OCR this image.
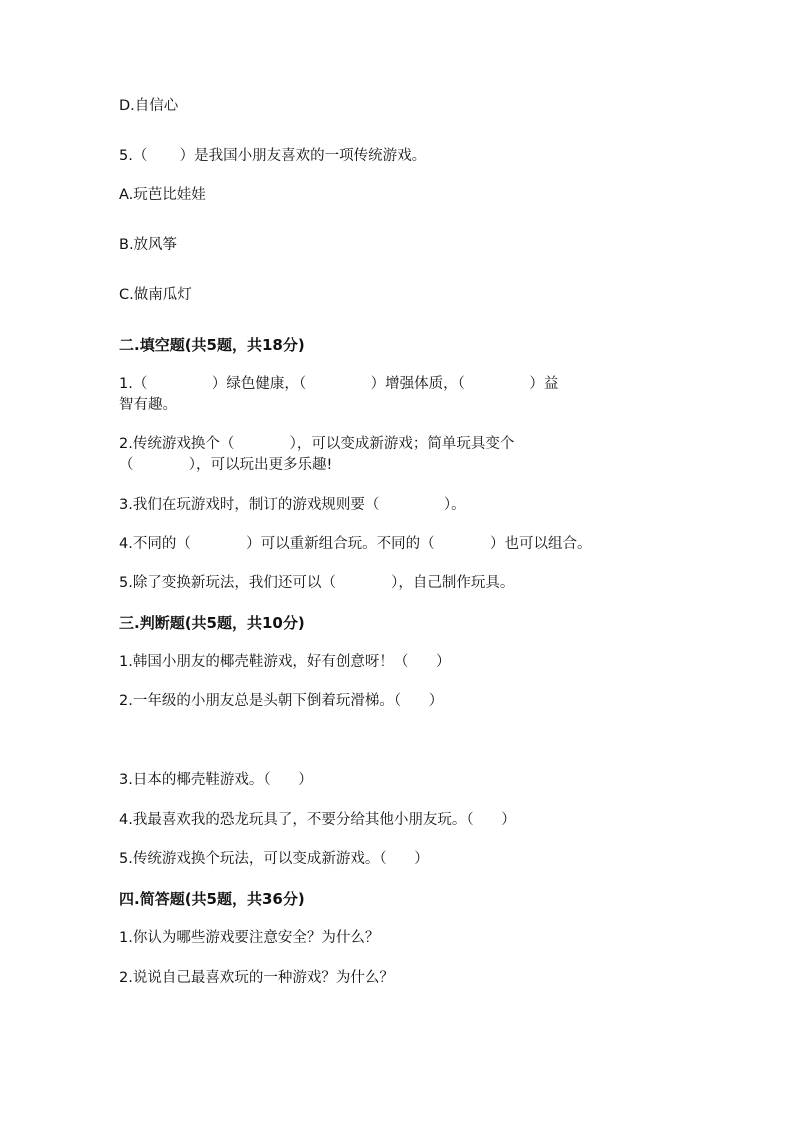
D.自信心

5.（       ）是我国小朋友喜欢的一项传统游戏。

A.玩芭比娃娃

B.放风筝

C.做南瓜灯

二.填空题(共5题，共18分)

1.（              ）绿色健康，（              ）增强体质，（              ）益

智有趣。

2.传统游戏换个（            ），可以变成新游戏；简单玩具变个

（            ），可以玩出更多乐趣!

3.我们在玩游戏时，制订的游戏规则要（              ）。

4.不同的（            ）可以重新组合玩。不同的（            ）也可以组合。

5.除了变换新玩法，我们还可以（            ），自己制作玩具。

三.判断题(共5题，共10分)

1.韩国小朋友的椰壳鞋游戏，好有创意呀！（      ）

2.一年级的小朋友总是头朝下倒着玩滑梯。（      ）

3.日本的椰壳鞋游戏。（      ）

4.我最喜欢我的恐龙玩具了，不要分给其他小朋友玩。（      ）

5.传统游戏换个玩法，可以变成新游戏。（      ）

四.简答题(共5题，共36分)

1.你认为哪些游戏要注意安全？为什么？

2.说说自己最喜欢玩的一种游戏？为什么？
